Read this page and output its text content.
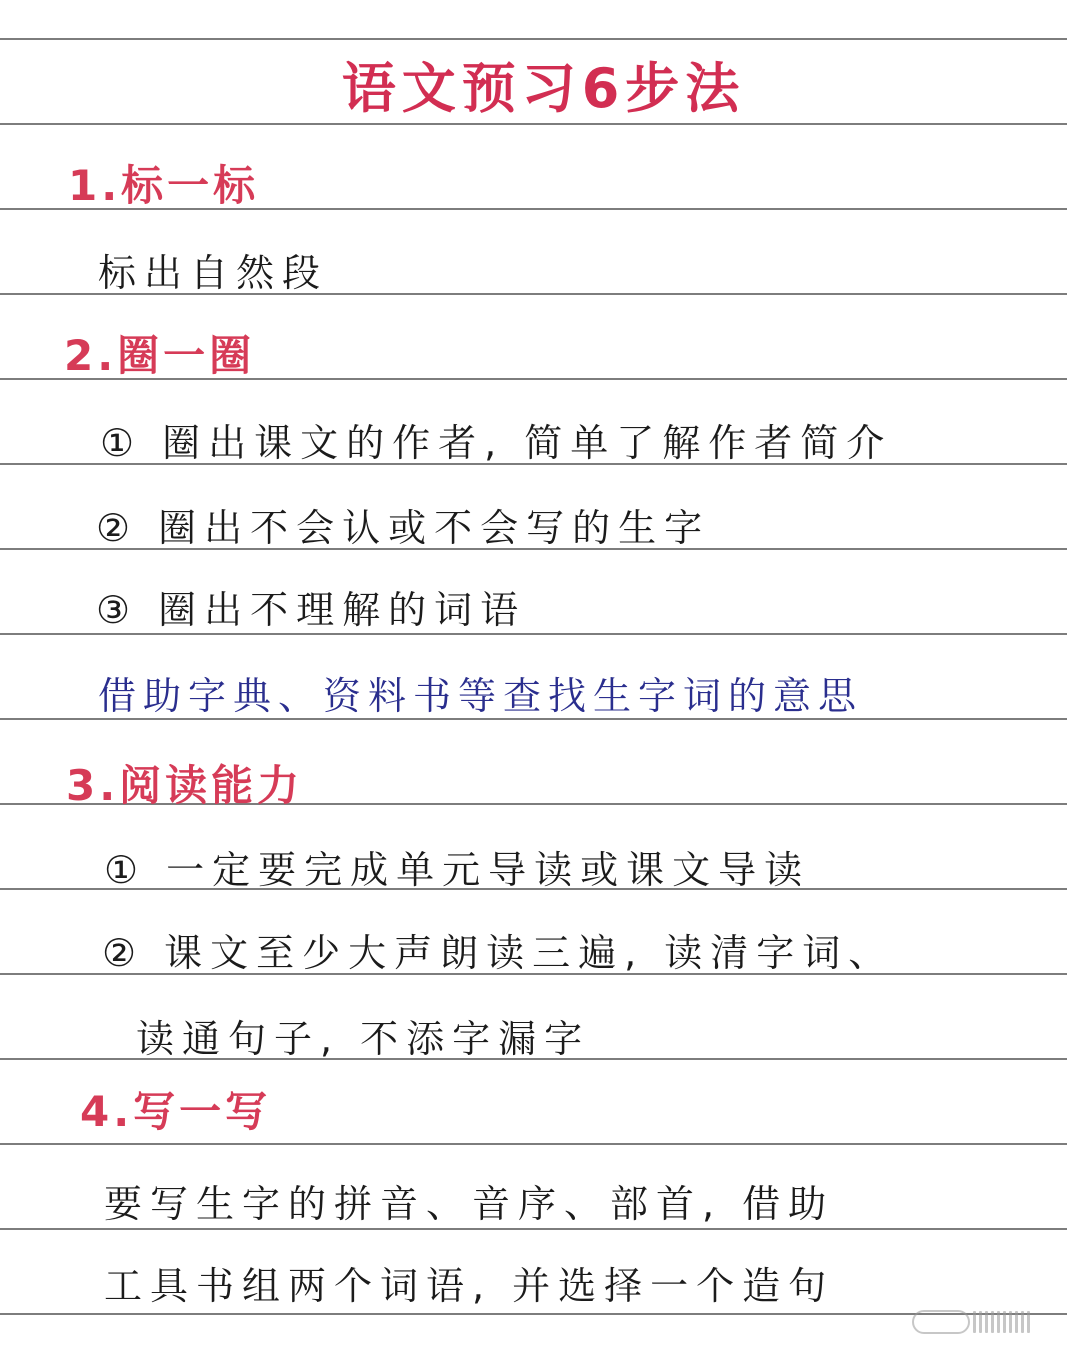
语文预习6步法
1.标一标
标出自然段
2.圈一圈
① 圈出课文的作者, 简单了解作者简介
② 圈出不会认或不会写的生字
③ 圈出不理解的词语
借助字典、资料书等查找生字词的意思
3.阅读能力
① 一定要完成单元导读或课文导读
② 课文至少大声朗读三遍, 读清字词、
读通句子, 不添字漏字
4.写一写
要写生字的拼音、音序、部首, 借助
工具书组两个词语, 并选择一个造句
